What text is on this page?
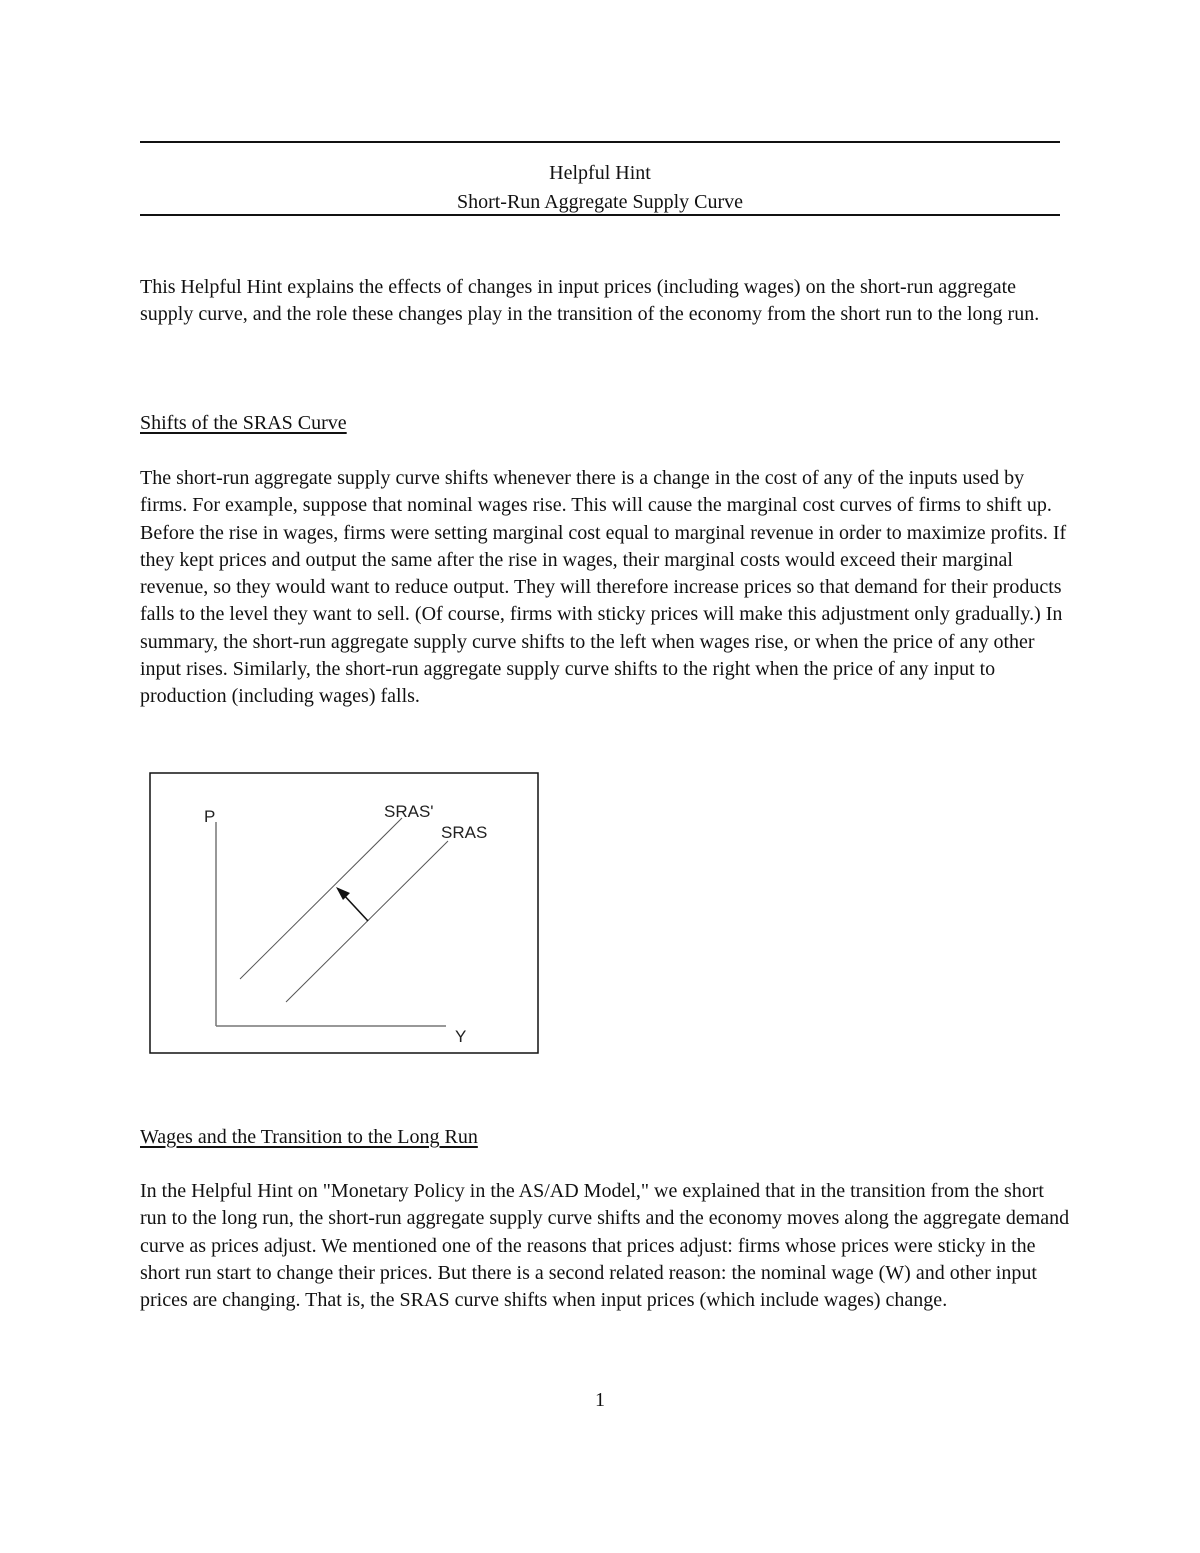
Helpful Hint
Short-Run Aggregate Supply Curve
This Helpful Hint explains the effects of changes in input prices (including wages) on the short-run aggregate supply curve, and the role these changes play in the transition of the economy from the short run to the long run.
Shifts of the SRAS Curve
The short-run aggregate supply curve shifts whenever there is a change in the cost of any of the inputs used by firms. For example, suppose that nominal wages rise. This will cause the marginal cost curves of firms to shift up. Before the rise in wages, firms were setting marginal cost equal to marginal revenue in order to maximize profits. If they kept prices and output the same after the rise in wages, their marginal costs would exceed their marginal revenue, so they would want to reduce output. They will therefore increase prices so that demand for their products falls to the level they want to sell. (Of course, firms with sticky prices will make this adjustment only gradually.) In summary, the short-run aggregate supply curve shifts to the left when wages rise, or when the price of any other input rises. Similarly, the short-run aggregate supply curve shifts to the right when the price of any input to production (including wages) falls.
P
Y
SRAS'
SRAS
Wages and the Transition to the Long Run
In the Helpful Hint on "Monetary Policy in the AS/AD Model," we explained that in the transition from the short run to the long run, the short-run aggregate supply curve shifts and the economy moves along the aggregate demand curve as prices adjust. We mentioned one of the reasons that prices adjust: firms whose prices were sticky in the short run start to change their prices. But there is a second related reason: the nominal wage (W) and other input prices are changing. That is, the SRAS curve shifts when input prices (which include wages) change.
1
